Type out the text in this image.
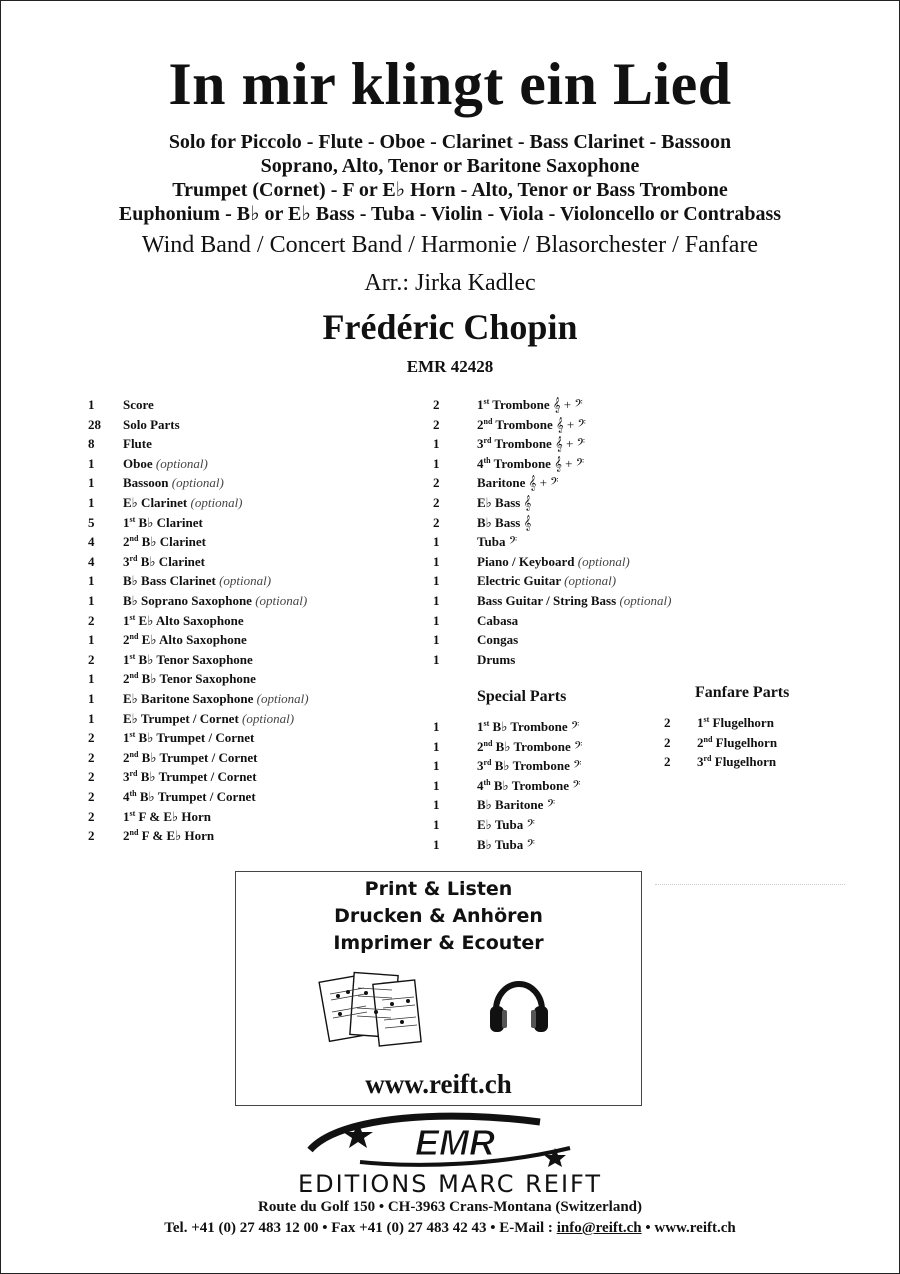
In mir klingt ein Lied
Solo for Piccolo - Flute - Oboe - Clarinet - Bass Clarinet - Bassoon
Soprano, Alto, Tenor or Baritone Saxophone
Trumpet (Cornet) - F or E♭ Horn - Alto, Tenor or Bass Trombone
Euphonium - B♭ or E♭ Bass - Tuba - Violin - Viola - Violoncello or Contrabass
Wind Band / Concert Band / Harmonie / Blasorchester / Fanfare
Arr.: Jirka Kadlec
Frédéric Chopin
EMR 42428
1 Score
28 Solo Parts
8 Flute
1 Oboe (optional)
1 Bassoon (optional)
1 E♭ Clarinet (optional)
5 1st B♭ Clarinet
4 2nd B♭ Clarinet
4 3rd B♭ Clarinet
1 B♭ Bass Clarinet (optional)
1 B♭ Soprano Saxophone (optional)
2 1st E♭ Alto Saxophone
1 2nd E♭ Alto Saxophone
2 1st B♭ Tenor Saxophone
1 2nd B♭ Tenor Saxophone
1 E♭ Baritone Saxophone (optional)
1 E♭ Trumpet / Cornet (optional)
2 1st B♭ Trumpet / Cornet
2 2nd B♭ Trumpet / Cornet
2 3rd B♭ Trumpet / Cornet
2 4th B♭ Trumpet / Cornet
2 1st F & E♭ Horn
2 2nd F & E♭ Horn
2	1st Trombone 𝄞 + 𝄢
2	2nd Trombone 𝄞 + 𝄢
1	3rd Trombone 𝄞 + 𝄢
1	4th Trombone 𝄞 + 𝄢
2	Baritone 𝄞 + 𝄢
2	E♭ Bass 𝄞
2	B♭ Bass 𝄞
1	Tuba 𝄢
1	Piano / Keyboard (optional)
1	Electric Guitar (optional)
1	Bass Guitar / String Bass (optional)
1	Cabasa
1	Congas
1	Drums
Special Parts
1	1st B♭ Trombone 𝄢
1	2nd B♭ Trombone 𝄢
1	3rd B♭ Trombone 𝄢
1	4th B♭ Trombone 𝄢
1	B♭ Baritone 𝄢
1	E♭ Tuba 𝄢
1	B♭ Tuba 𝄢
Fanfare Parts
2 1st Flugelhorn
2 2nd Flugelhorn
2 3rd Flugelhorn
Print & Listen
Drucken & Anhören
Imprimer & Ecouter
www.reift.ch
EMR
EDITIONS MARC REIFT
Route du Golf 150 • CH-3963 Crans-Montana (Switzerland)
Tel. +41 (0) 27 483 12 00 • Fax +41 (0) 27 483 42 43 • E-Mail : info@reift.ch • www.reift.ch
